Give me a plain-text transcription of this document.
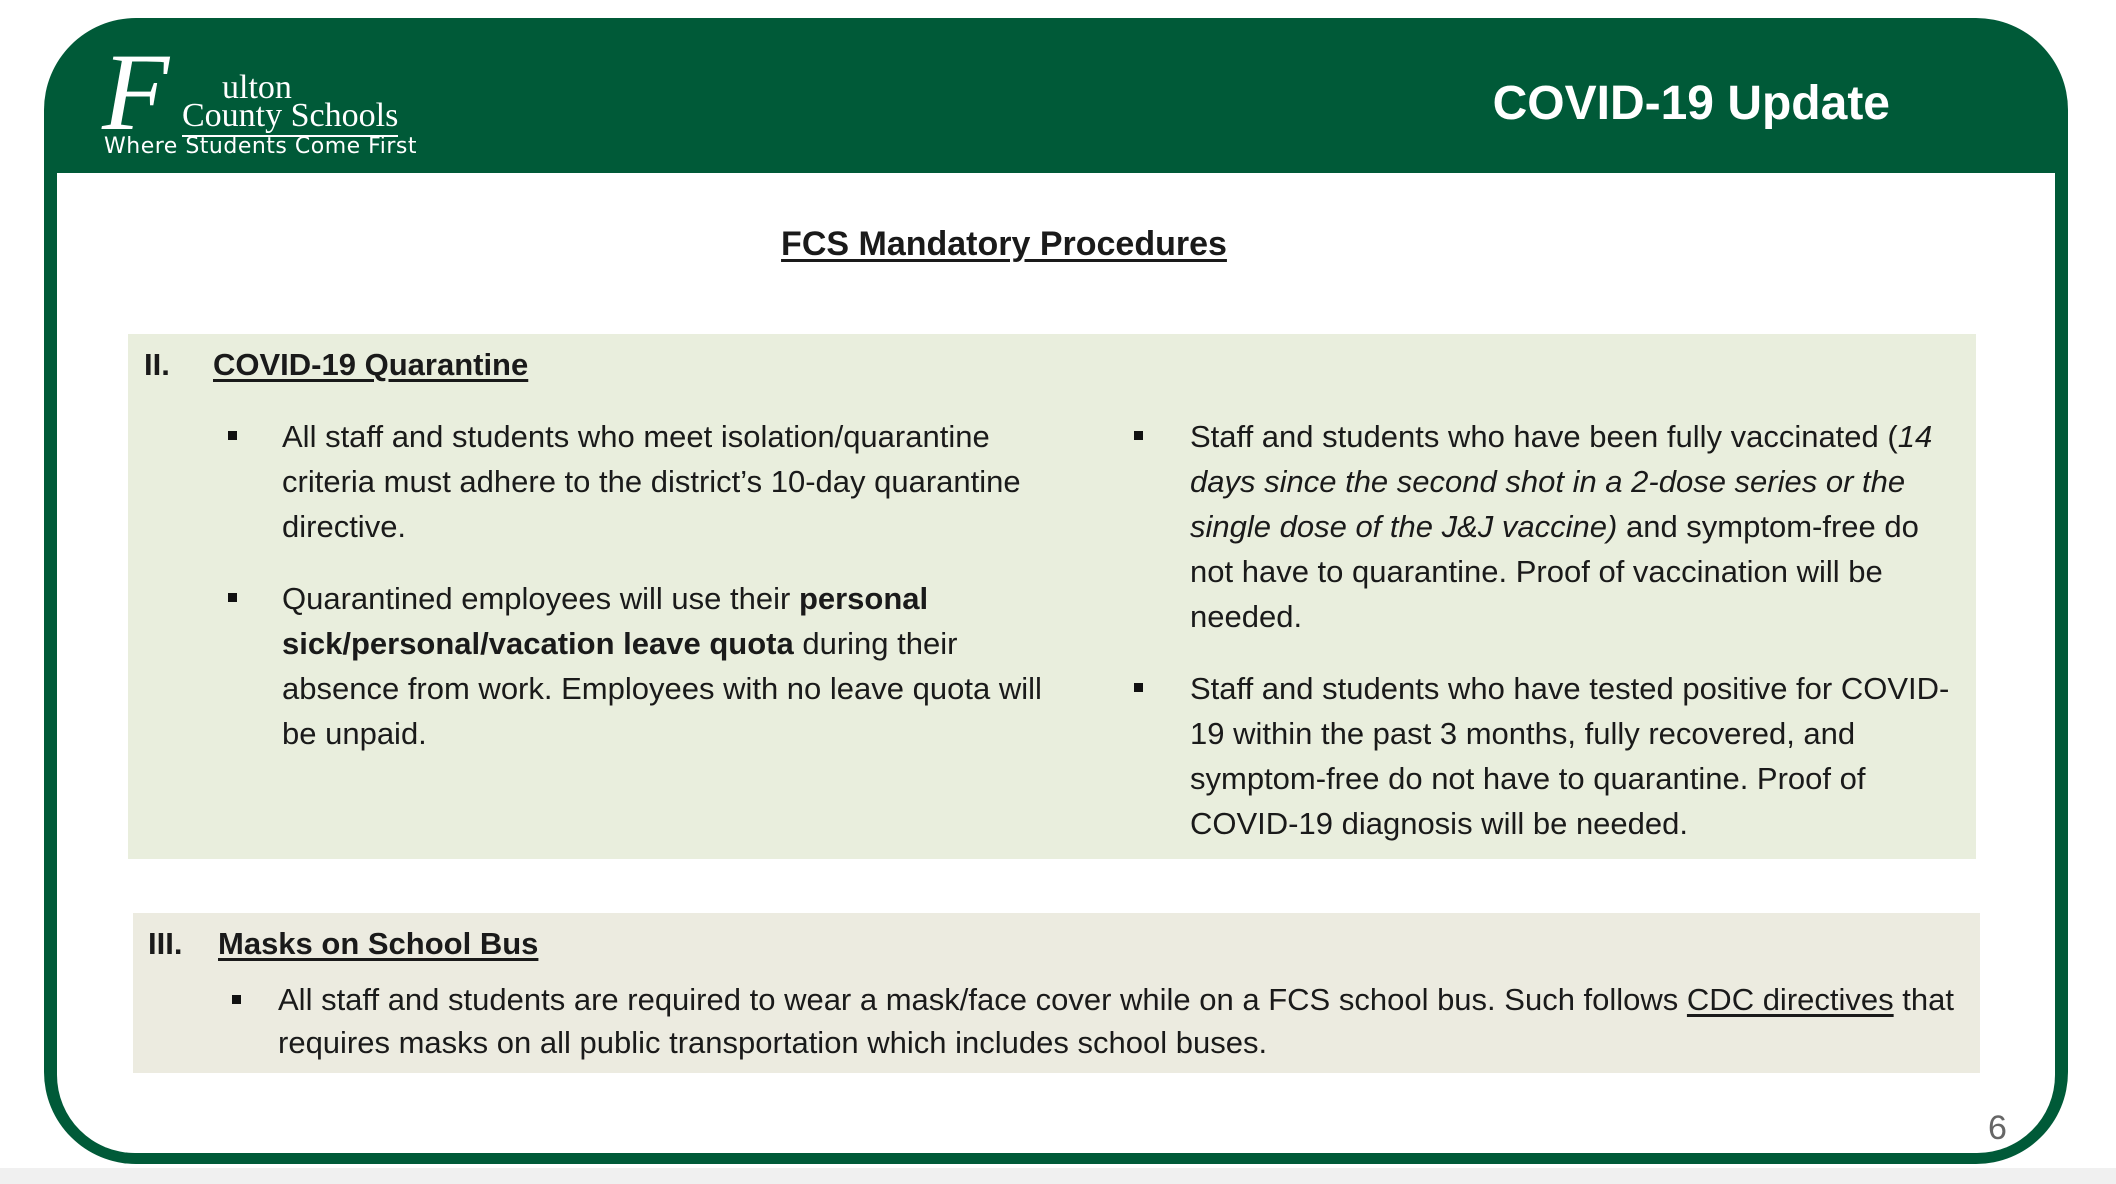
F ulton
County Schools
Where Students Come First
COVID-19 Update
FCS Mandatory Procedures
II. COVID-19 Quarantine
All staff and students who meet isolation/quarantine criteria must adhere to the district’s 10-day quarantine directive.
Quarantined employees will use their personal sick/personal/vacation leave quota during their absence from work. Employees with no leave quota will be unpaid.
Staff and students who have been fully vaccinated (14 days since the second shot in a 2-dose series or the single dose of the J&J vaccine) and symptom-free do not have to quarantine. Proof of vaccination will be needed.
Staff and students who have tested positive for COVID-19 within the past 3 months, fully recovered, and symptom-free do not have to quarantine. Proof of COVID-19 diagnosis will be needed.
III. Masks on School Bus
All staff and students are required to wear a mask/face cover while on a FCS school bus. Such follows CDC directives that requires masks on all public transportation which includes school buses.
6
